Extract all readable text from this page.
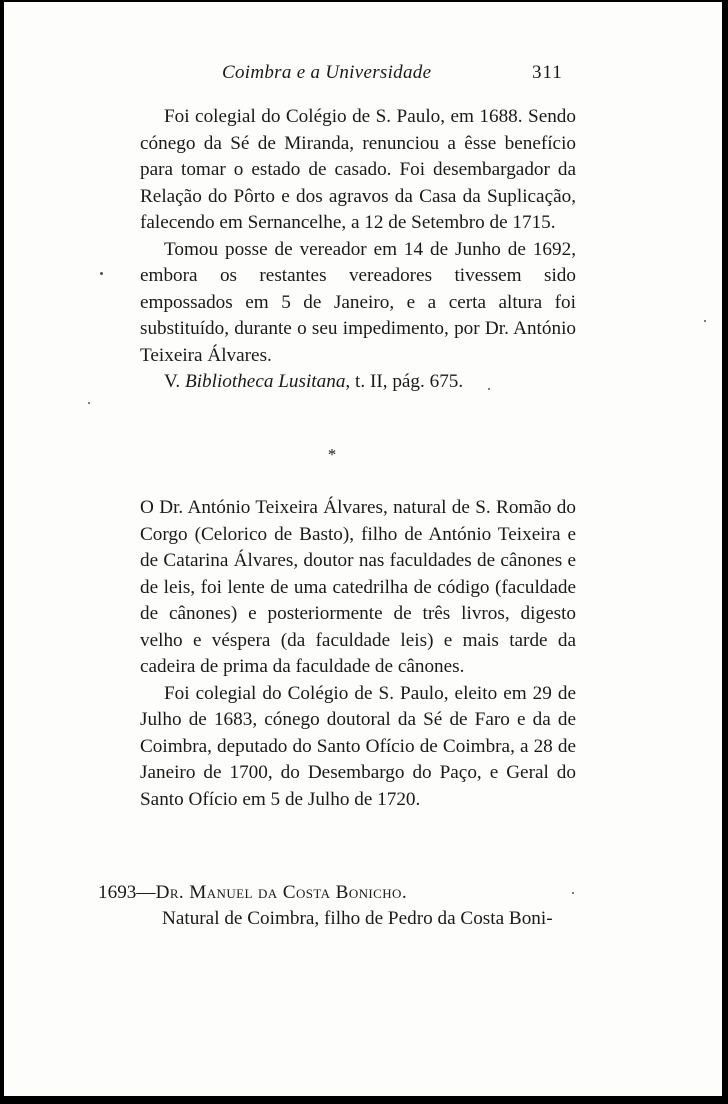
Coimbra e a Universidade	311

Foi colegial do Colégio de S. Paulo, em 1688. Sendo cónego da Sé de Miranda, renunciou a êsse benefício para tomar o estado de casado. Foi desembargador da Relação do Pôrto e dos agravos da Casa da Suplicação, falecendo em Sernancelhe, a 12 de Setembro de 1715.

Tomou posse de vereador em 14 de Junho de 1692, embora os restantes vereadores tivessem sido empossados em 5 de Janeiro, e a certa altura foi substituído, durante o seu impedimento, por Dr. António Teixeira Álvares.

V. Bibliotheca Lusitana, t. II, pág. 675.

*

O Dr. António Teixeira Álvares, natural de S. Romão do Corgo (Celorico de Basto), filho de António Teixeira e de Catarina Álvares, doutor nas faculdades de cânones e de leis, foi lente de uma catedrilha de código (faculdade de cânones) e posteriormente de três livros, digesto velho e véspera (da faculdade leis) e mais tarde da cadeira de prima da faculdade de cânones.

Foi colegial do Colégio de S. Paulo, eleito em 29 de Julho de 1683, cónego doutoral da Sé de Faro e da de Coimbra, deputado do Santo Ofício de Coimbra, a 28 de Janeiro de 1700, do Desembargo do Paço, e Geral do Santo Ofício em 5 de Julho de 1720.

1693—Dr. Manuel da Costa Bonicho.
Natural de Coimbra, filho de Pedro da Costa Boni-
